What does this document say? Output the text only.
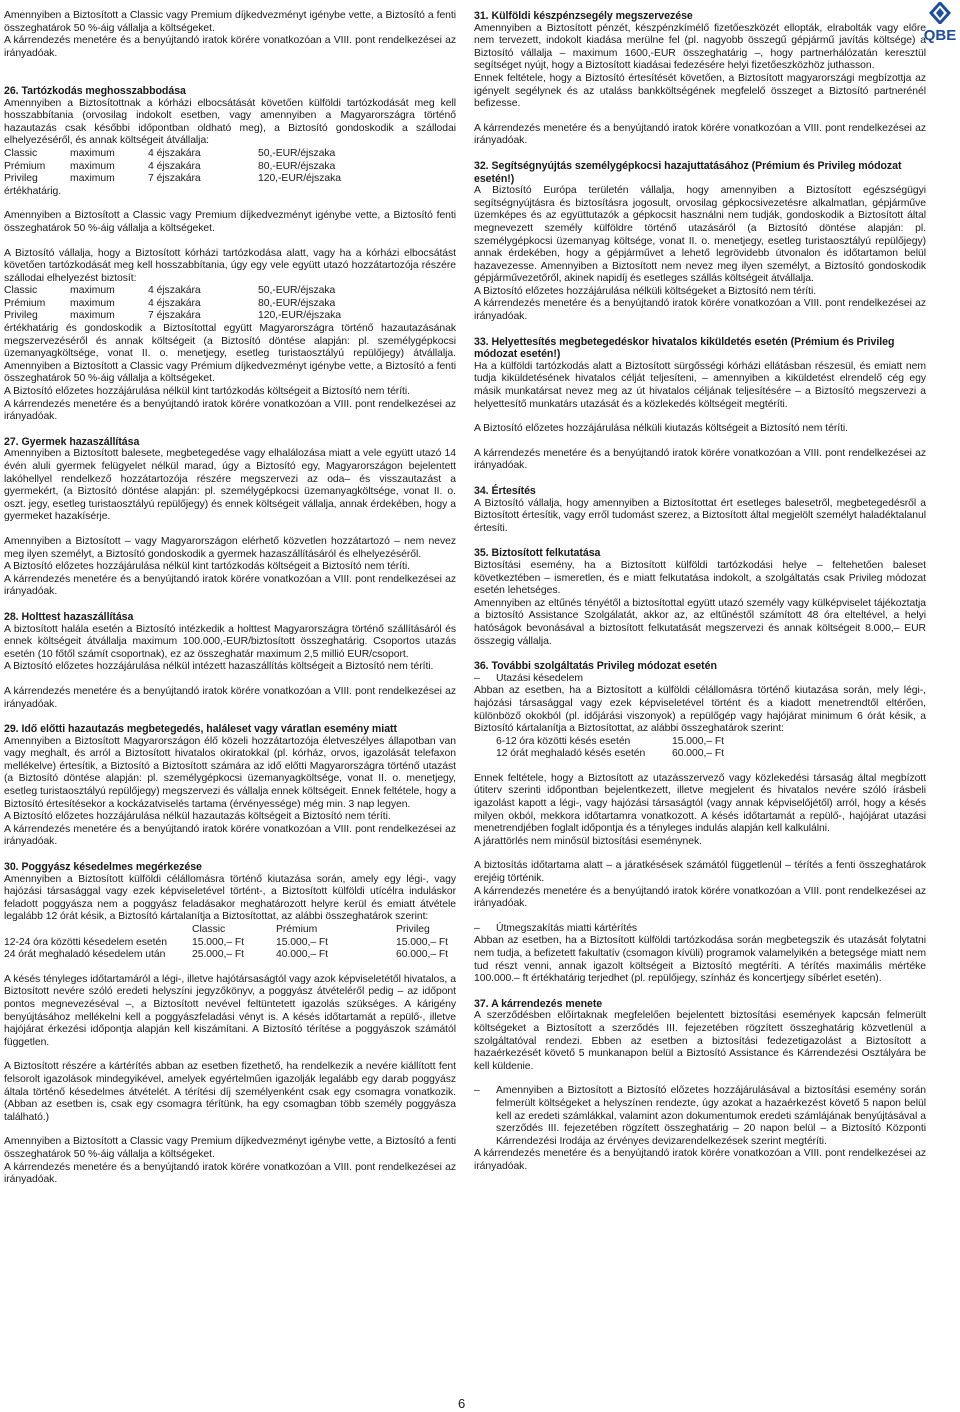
QBE

Amennyiben a Biztosított a Classic vagy Premium díjkedvezményt igénybe vette, a Biztosító a fenti összeghatárok 50 %-áig vállalja a költségeket.

A kárrendezés menetére és a benyújtandó iratok körére vonatkozóan a VIII. pont rendelkezései az irányadóak.

26. Tartózkodás meghosszabbodása

Amennyiben a Biztosítottnak a kórházi elbocsátását követően külföldi tartózkodását meg kell hosszabbítania (orvosilag indokolt esetben, vagy amennyiben a Magyarországra történő hazautazás csak későbbi időpontban oldható meg), a Biztosító gondoskodik a szállodai elhelyezéséről, és annak költségeit átvállalja:

Classic	maximum	4 éjszakára	50,-EUR/éjszaka
Prémium	maximum	4 éjszakára	80,-EUR/éjszaka
Privileg	maximum	7 éjszakára	120,-EUR/éjszaka

értékhatárig.

Amennyiben a Biztosított a Classic vagy Premium díjkedvezményt igénybe vette, a Biztosító fenti összeghatárok 50 %-áig vállalja a költségeket.

A Biztosító vállalja, hogy a Biztosított kórházi tartózkodása alatt, vagy ha a kórházi elbocsátást követően tartózkodását meg kell hosszabbítania, úgy egy vele együtt utazó hozzátartozója részére szállodai elhelyezést biztosít:

Classic	maximum	4 éjszakára	50,-EUR/éjszaka
Prémium	maximum	4 éjszakára	80,-EUR/éjszaka
Privileg	maximum	7 éjszakára	120,-EUR/éjszaka

értékhatárig és gondoskodik a Biztosítottal együtt Magyarországra történő hazautazásának megszervezéséről és annak költségeit (a Biztosító döntése alapján: pl. személygépkocsi üzemanyagköltsége, vonat II. o. menetjegy, esetleg turistaosztályú repülőjegy) átvállalja. Amennyiben a Biztosított a Classic vagy Prémium díjkedvezményt igénybe vette, a Biztosító a fenti összeghatárok 50 %-áig vállalja a költségeket.

A Biztosító előzetes hozzájárulása nélkül kint tartózkodás költségeit a Biztosító nem téríti.

A kárrendezés menetére és a benyújtandó iratok körére vonatkozóan a VIII. pont rendelkezései az irányadóak.

27. Gyermek hazaszállítása

Amennyiben a Biztosított balesete, megbetegedése vagy elhalálozása miatt a vele együtt utazó 14 évén aluli gyermek felügyelet nélkül marad, úgy a Biztosító egy, Magyarországon bejelentett lakóhellyel rendelkező hozzátartozója részére megszervezi az oda– és visszautazást a gyermekért, (a Biztosító döntése alapján: pl. személygépkocsi üzemanyagköltsége, vonat II. o. oszt. jegy, esetleg turistaosztályú repülőjegy) és ennek költségeit vállalja, annak érdekében, hogy a gyermeket hazakísérje.

Amennyiben a Biztosított – vagy Magyarországon elérhető közvetlen hozzátartozó – nem nevez meg ilyen személyt, a Biztosító gondoskodik a gyermek hazaszállításáról és elhelyezéséről.

A Biztosító előzetes hozzájárulása nélkül kint tartózkodás költségeit a Biztosító nem téríti.

A kárrendezés menetére és a benyújtandó iratok körére vonatkozóan a VIII. pont rendelkezései az irányadóak.

28. Holttest hazaszállítása

A biztosított halála esetén a Biztosító intézkedik a holttest Magyarországra történő szállításáról és ennek költségeit átvállalja maximum 100.000,-EUR/biztosított összeghatárig. Csoportos utazás esetén (10 főtől számít csoportnak), ez az összeghatár maximum 2,5 millió EUR/csoport.

A Biztosító előzetes hozzájárulása nélkül intézett hazaszállítás költségeit a Biztosító nem téríti.

A kárrendezés menetére és a benyújtandó iratok körére vonatkozóan a VIII. pont rendelkezései az irányadóak.

29. Idő előtti hazautazás megbetegedés, haláleset vagy váratlan esemény miatt

Amennyiben a Biztosított Magyarországon élő közeli hozzátartozója életveszélyes állapotban van vagy meghalt, és arról a Biztosított hivatalos okiratokkal (pl. kórház, orvos, igazolását telefaxon mellékelve) értesítik, a Biztosító a Biztosított számára az idő előtti Magyarországra történő utazást (a Biztosító döntése alapján: pl. személygépkocsi üzemanyagköltsége, vonat II. o. menetjegy, esetleg turistaosztályú repülőjegy) megszervezi és vállalja ennek költségeit. Ennek feltétele, hogy a Biztosító értesítésekor a kockázatviselés tartama (érvényessége) még min. 3 nap legyen.

A Biztosító előzetes hozzájárulása nélkül hazautazás költségeit a Biztosító nem téríti.

A kárrendezés menetére és a benyújtandó iratok körére vonatkozóan a VIII. pont rendelkezései az irányadóak.

30. Poggyász késedelmes megérkezése

Amennyiben a Biztosított külföldi célállomásra történő kiutazása során, amely egy légi-, vagy hajózási társasággal vagy ezek képviseletével történt-, a Biztosított külföldi utícélra induláskor feladott poggyásza nem a poggyász feladásakor meghatározott helyre kerül és emiatt átvétele legalább 12 órát késik, a Biztosító kártalanítja a Biztosítottat, az alábbi összeghatárok szerint:

	Classic	Prémium	Privileg
12-24 óra közötti késedelem esetén	15.000,– Ft	15.000,– Ft	15.000,– Ft
24 órát meghaladó késedelem után	25.000,– Ft	40.000,– Ft	60.000,– Ft

A késés tényleges időtartamáról a légi-, illetve hajótársaságtól vagy azok képviseletétől hivatalos, a Biztosított nevére szóló eredeti helyszíni jegyzőkönyv, a poggyász átvételéről pedig – az időpont pontos megnevezéséval –, a Biztosított nevével feltüntetett igazolás szükséges. A kárigény benyújtásához mellékelni kell a poggyászfeladási vényt is. A késés időtartamát a repülő-, illetve hajójárat érkezési időpontja alapján kell kiszámítani. A Biztosító térítése a poggyászok számától független.

A Biztosított részére a kártérítés abban az esetben fizethető, ha rendelkezik a nevére kiállított fent felsorolt igazolások mindegyikével, amelyek egyértelműen igazolják legalább egy darab poggyász általa történő késedelmes átvételét. A térítési díj személyenként csak egy csomagra vonatkozik. (Abban az esetben is, csak egy csomagra térítünk, ha egy csomagban több személy poggyásza található.)

Amennyiben a Biztosított a Classic vagy Premium díjkedvezményt igénybe vette, a Biztosító a fenti összeghatárok 50 %-áig vállalja a költségeket.

A kárrendezés menetére és a benyújtandó iratok körére vonatkozóan a VIII. pont rendelkezései az irányadóak.

31. Külföldi készpénzsegély megszervezése

Amennyiben a Biztosított pénzét, készpénzkímélő fizetőeszközét ellopták, elrabolták vagy előre nem tervezett, indokolt kiadása merülne fel (pl. nagyobb összegű gépjármű javítás költsége) a Biztosító vállalja – maximum 1600,-EUR összeghatárig –, hogy partnerhálózatán keresztül segítséget nyújt, hogy a Biztosított kiadásai fedezésére helyi fizetőeszközhöz juthasson.

Ennek feltétele, hogy a Biztosító értesítését követően, a Biztosított magyarországi megbízottja az igényelt segélynek és az utaláss bankköltségének megfelelő összeget a Biztosító partnerénél befizesse.

A kárrendezés menetére és a benyújtandó iratok körére vonatkozóan a VIII. pont rendelkezései az irányadóak.

32. Segítségnyújtás személygépkocsi hazajuttatásához (Prémium és Privileg módozat esetén!)

A Biztosító Európa területén vállalja, hogy amennyiben a Biztosított egészségügyi segítségnyújtásra és biztosításra jogosult, orvosilag gépkocsivezetésre alkalmatlan, gépjárműve üzemképes és az együttutazók a gépkocsit használni nem tudják, gondoskodik a Biztosított által megnevezett személy külföldre történő utazásáról (a Biztosító döntése alapján: pl. személygépkocsi üzemanyag költsége, vonat II. o. menetjegy, esetleg turistaosztályú repülőjegy) annak érdekében, hogy a gépjárművet a lehető legrövidebb útvonalon és időtartamon belül hazavezesse. Amennyiben a Biztosított nem nevez meg ilyen személyt, a Biztosító gondoskodik gépjárművezetőről, akinek napidíj és esetleges szállás költségeit átvállalja.

A Biztosító előzetes hozzájárulása nélküli költségeket a Biztosító nem téríti.

A kárrendezés menetére és a benyújtandó iratok körére vonatkozóan a VIII. pont rendelkezései az irányadóak.

33. Helyettesítés megbetegedéskor hivatalos kiküldetés esetén (Prémium és Privileg módozat esetén!)

Ha a külföldi tartózkodás alatt a Biztosított sürgősségi kórházi ellátásban részesül, és emiatt nem tudja kiküldetésének hivatalos célját teljesíteni, – amennyiben a kiküldetést elrendelő cég egy másik munkatársat nevez meg az út hivatalos céljának teljesítésére – a Biztosító megszervezi a helyettesítő munkatárs utazását és a közlekedés költségeit megtéríti.

A Biztosító előzetes hozzájárulása nélküli kiutazás költségeit a Biztosító nem téríti.

A kárrendezés menetére és a benyújtandó iratok körére vonatkozóan a VIII. pont rendelkezései az irányadóak.

34. Értesítés

A Biztosító vállalja, hogy amennyiben a Biztosítottat ért esetleges balesetről, megbetegedésről a Biztosított értesítik, vagy erről tudomást szerez, a Biztosított által megjelölt személyt haladéktalanul értesíti.

35. Biztosított felkutatása

Biztosítási esemény, ha a Biztosított külföldi tartózkodási helye – feltehetően baleset következtében – ismeretlen, és e miatt felkutatása indokolt, a szolgáltatás csak Privileg módozat esetén lehetséges.

Amennyiben az eltűnés tényétől a biztosítottal együtt utazó személy vagy külképviselet tájékoztatja a biztosító Assistance Szolgálatát, akkor az, az eltűnéstől számított 48 óra elteltével, a helyi hatóságok bevonásával a biztosított felkutatását megszervezi és annak költségeit 8.000,– EUR összegig vállalja.

36. További szolgáltatás Privileg módozat esetén
–	Utazási késedelem

Abban az esetben, ha a Biztosított a külföldi célállomásra történő kiutazása során, mely légi-, hajózási társasággal vagy ezek képviseletével történt és a kiadott menetrendtől eltérően, különböző okokból (pl. időjárási viszonyok) a repülőgép vagy hajójárat minimum 6 órát késik, a Biztosító kártalanítja a Biztosítottat, az alábbi összeghatárok szerint:

6-12 óra közötti késés esetén	15.000,– Ft
12 órát meghaladó késés esetén	60.000,– Ft

Ennek feltétele, hogy a Biztosított az utazásszervező vagy közlekedési társaság által megbízott útiterv szerinti időpontban bejelentkezett, illetve megjelent és hivatalos nevére szóló írásbeli igazolást kapott a légi-, vagy hajózási társaságtól (vagy annak képviselőjétől) arról, hogy a késés milyen okból, mekkora időtartamra vonatkozott. A késés időtartamát a repülő-, hajójárat utazási menetrendjében foglalt időpontja és a tényleges indulás alapján kell kalkulálni.

A járattörlés nem minősül biztosítási eseménynek.

A biztosítás időtartama alatt – a járatkésések számától függetlenül – térítés a fenti összeghatárok erejéig történik.

A kárrendezés menetére és a benyújtandó iratok körére vonatkozóan a VIII. pont rendelkezései az irányadóak.

–	Útmegszakítás miatti kártérítés

Abban az esetben, ha a Biztosított külföldi tartózkodása során megbetegszik és utazását folytatni nem tudja, a befizetett fakultatív (csomagon kívüli) programok valamelyikén a betegsége miatt nem tud részt venni, annak igazolt költségeit a Biztosító megtéríti. A térítés maximális mértéke 100.000.– ft értékhatárig terjedhet (pl. repülőjegy, színház és koncertjegy síbérlet esetén).

37. A kárrendezés menete

A szerződésben előírtaknak megfelelően bejelentett biztosítási események kapcsán felmerült költségeket a Biztosított a szerződés III. fejezetében rögzített összeghatárig közvetlenül a szolgáltatóval rendezi. Ebben az esetben a biztosítási fedezetigazolást a Biztosított a hazaérkezését követő 5 munkanapon belül a Biztosító Assistance és Kárrendezési Osztályára be kell küldenie.

–	Amennyiben a Biztosított a Biztosító előzetes hozzájárulásával a biztosítási esemény során felmerült költségeket a helyszínen rendezte, úgy azokat a hazaérkezést követő 5 napon belül kell az eredeti számlákkal, valamint azon dokumentumok eredeti számlájának benyújtásával a szerződés III. fejezetében rögzített összeghatárig – 20 napon belül – a Biztosító Központi Kárrendezési Irodája az érvényes devizarendelkezések szerint megtéríti.

A kárrendezés menetére és a benyújtandó iratok körére vonatkozóan a VIII. pont rendelkezései az irányadóak.

6
